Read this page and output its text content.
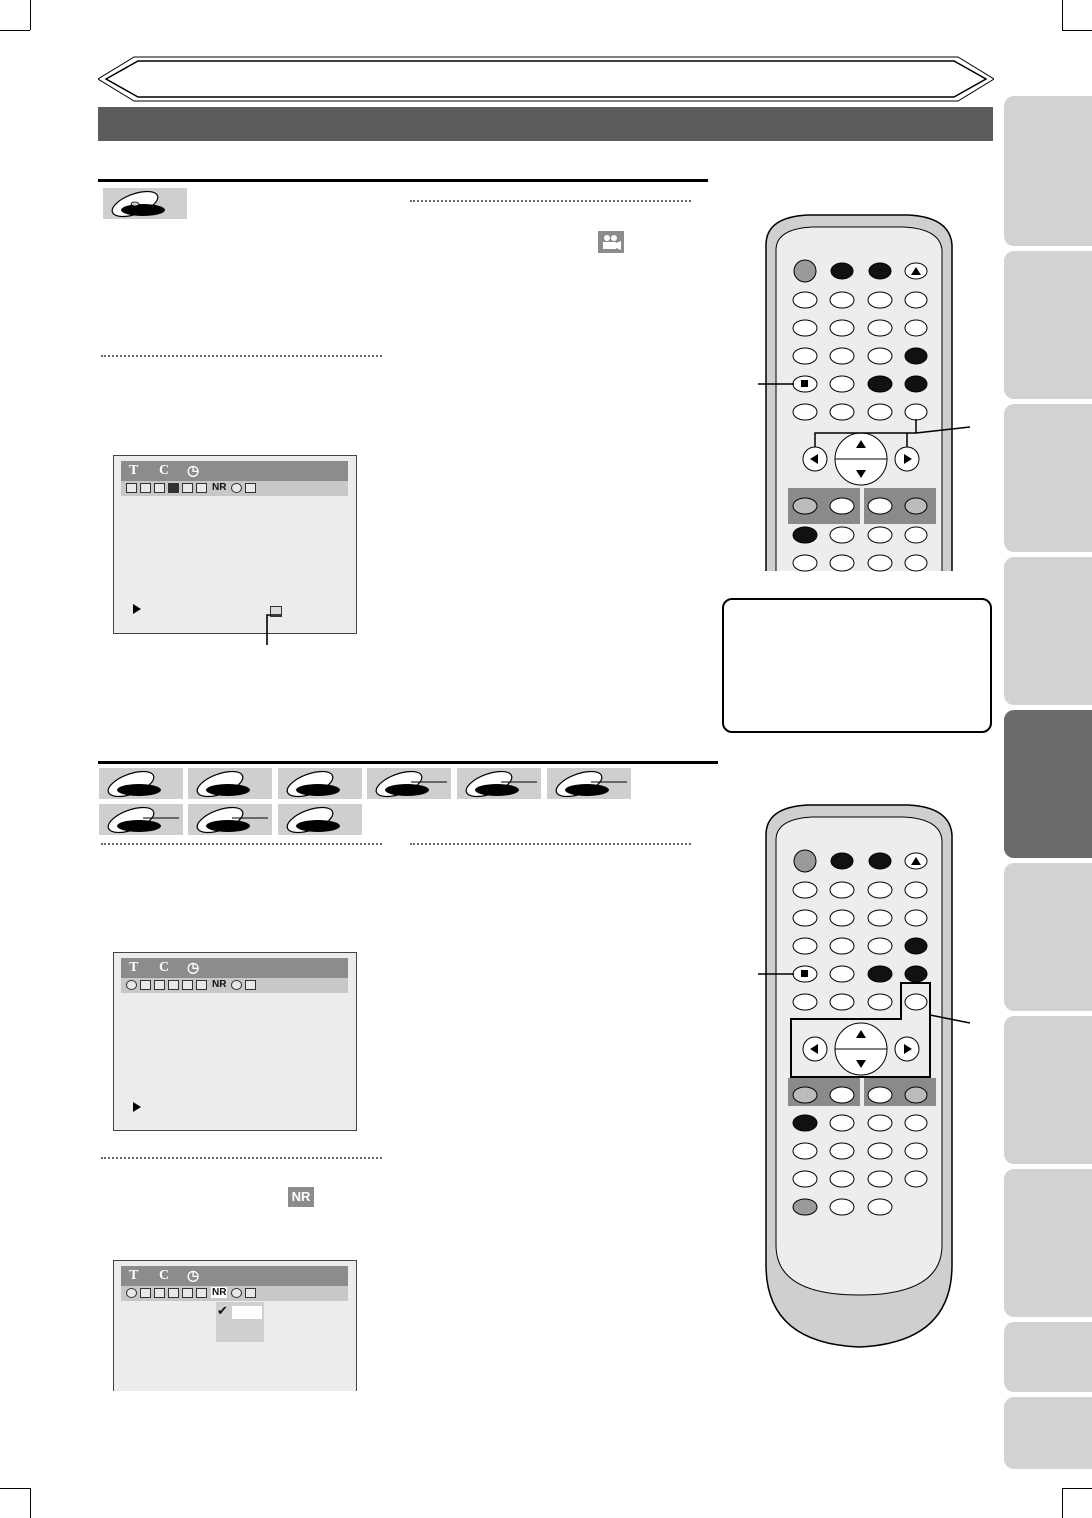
T C ◷
NR
T C ◷
NR
NR
T C ◷
NR
✔
